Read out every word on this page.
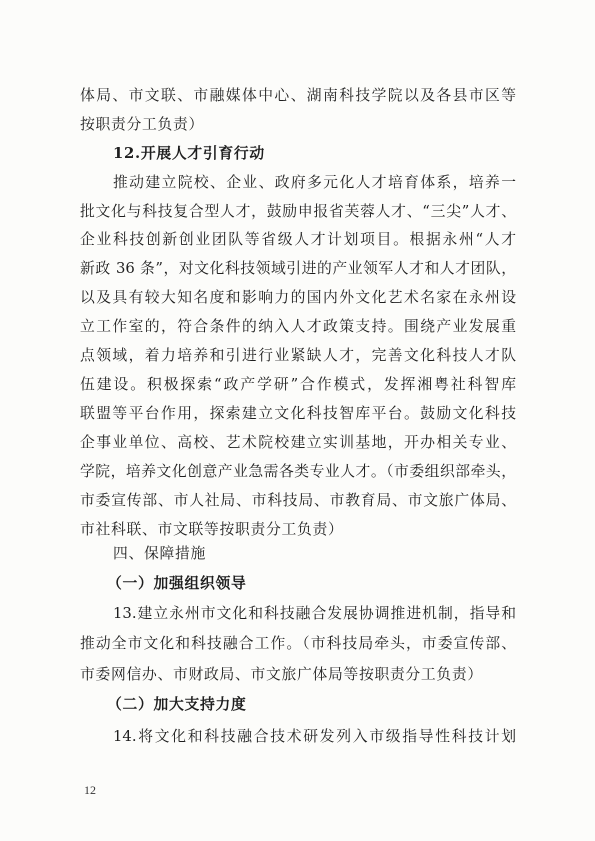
体局、市文联、市融媒体中心、湖南科技学院以及各县市区等
按职责分工负责）
12.开展人才引育行动
推动建立院校、企业、政府多元化人才培育体系，培养一
批文化与科技复合型人才，鼓励申报省芙蓉人才、“三尖”人才、
企业科技创新创业团队等省级人才计划项目。根据永州“人才
新政 36 条”，对文化科技领域引进的产业领军人才和人才团队，
以及具有较大知名度和影响力的国内外文化艺术名家在永州设
立工作室的，符合条件的纳入人才政策支持。围绕产业发展重
点领域，着力培养和引进行业紧缺人才，完善文化科技人才队
伍建设。积极探索“政产学研”合作模式，发挥湘粤社科智库
联盟等平台作用，探索建立文化科技智库平台。鼓励文化科技
企事业单位、高校、艺术院校建立实训基地，开办相关专业、
学院，培养文化创意产业急需各类专业人才。（市委组织部牵头，
市委宣传部、市人社局、市科技局、市教育局、市文旅广体局、
市社科联、市文联等按职责分工负责）
四、保障措施
（一）加强组织领导
13.建立永州市文化和科技融合发展协调推进机制，指导和
推动全市文化和科技融合工作。（市科技局牵头，市委宣传部、
市委网信办、市财政局、市文旅广体局等按职责分工负责）
（二）加大支持力度
14.将文化和科技融合技术研发列入市级指导性科技计划
12
